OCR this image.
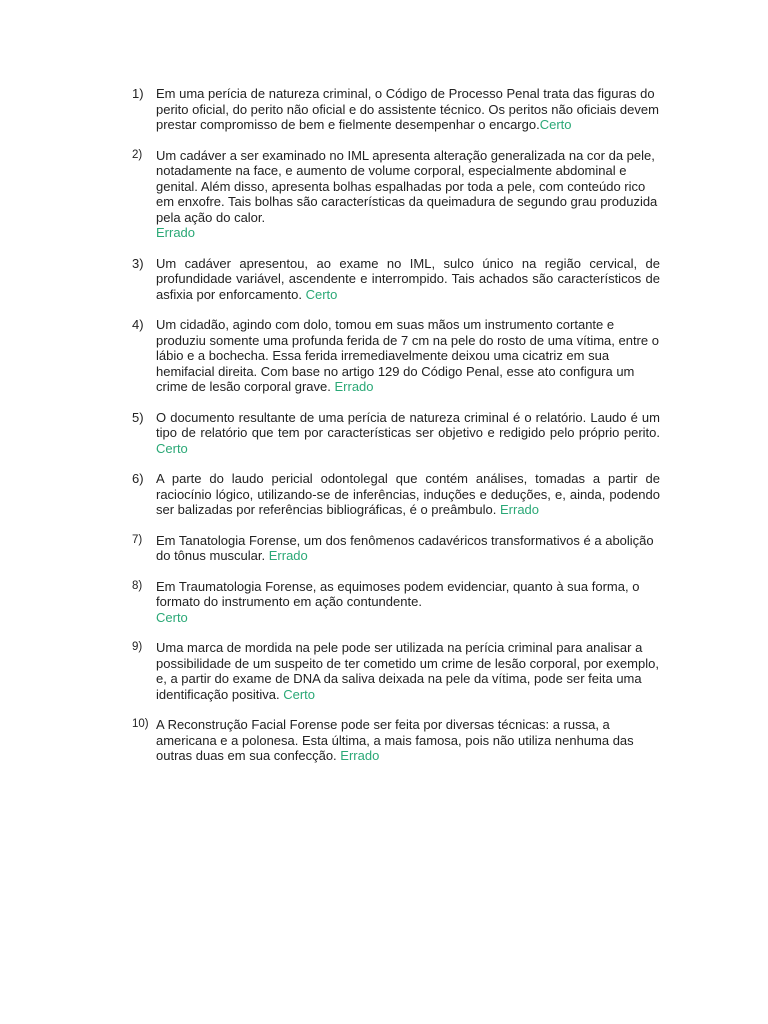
1) Em uma perícia de natureza criminal, o Código de Processo Penal trata das figuras do perito oficial, do perito não oficial e do assistente técnico. Os peritos não oficiais devem prestar compromisso de bem e fielmente desempenhar o encargo.Certo
2) Um cadáver a ser examinado no IML apresenta alteração generalizada na cor da pele, notadamente na face, e aumento de volume corporal, especialmente abdominal e genital. Além disso, apresenta bolhas espalhadas por toda a pele, com conteúdo rico em enxofre. Tais bolhas são características da queimadura de segundo grau produzida pela ação do calor.
Errado
3) Um cadáver apresentou, ao exame no IML, sulco único na região cervical, de profundidade variável, ascendente e interrompido. Tais achados são característicos de asfixia por enforcamento. Certo
4) Um cidadão, agindo com dolo, tomou em suas mãos um instrumento cortante e produziu somente uma profunda ferida de 7 cm na pele do rosto de uma vítima, entre o lábio e a bochecha. Essa ferida irremediavelmente deixou uma cicatriz em sua hemifacial direita. Com base no artigo 129 do Código Penal, esse ato configura um crime de lesão corporal grave. Errado
5) O documento resultante de uma perícia de natureza criminal é o relatório. Laudo é um tipo de relatório que tem por características ser objetivo e redigido pelo próprio perito. Certo
6) A parte do laudo pericial odontolegal que contém análises, tomadas a partir de raciocínio lógico, utilizando-se de inferências, induções e deduções, e, ainda, podendo ser balizadas por referências bibliográficas, é o preâmbulo. Errado
7) Em Tanatologia Forense, um dos fenômenos cadavéricos transformativos é a abolição do tônus muscular. Errado
8) Em Traumatologia Forense, as equimoses podem evidenciar, quanto à sua forma, o formato do instrumento em ação contundente.
Certo
9) Uma marca de mordida na pele pode ser utilizada na perícia criminal para analisar a possibilidade de um suspeito de ter cometido um crime de lesão corporal, por exemplo, e, a partir do exame de DNA da saliva deixada na pele da vítima, pode ser feita uma identificação positiva. Certo
10) A Reconstrução Facial Forense pode ser feita por diversas técnicas: a russa, a americana e a polonesa. Esta última, a mais famosa, pois não utiliza nenhuma das outras duas em sua confecção. Errado
